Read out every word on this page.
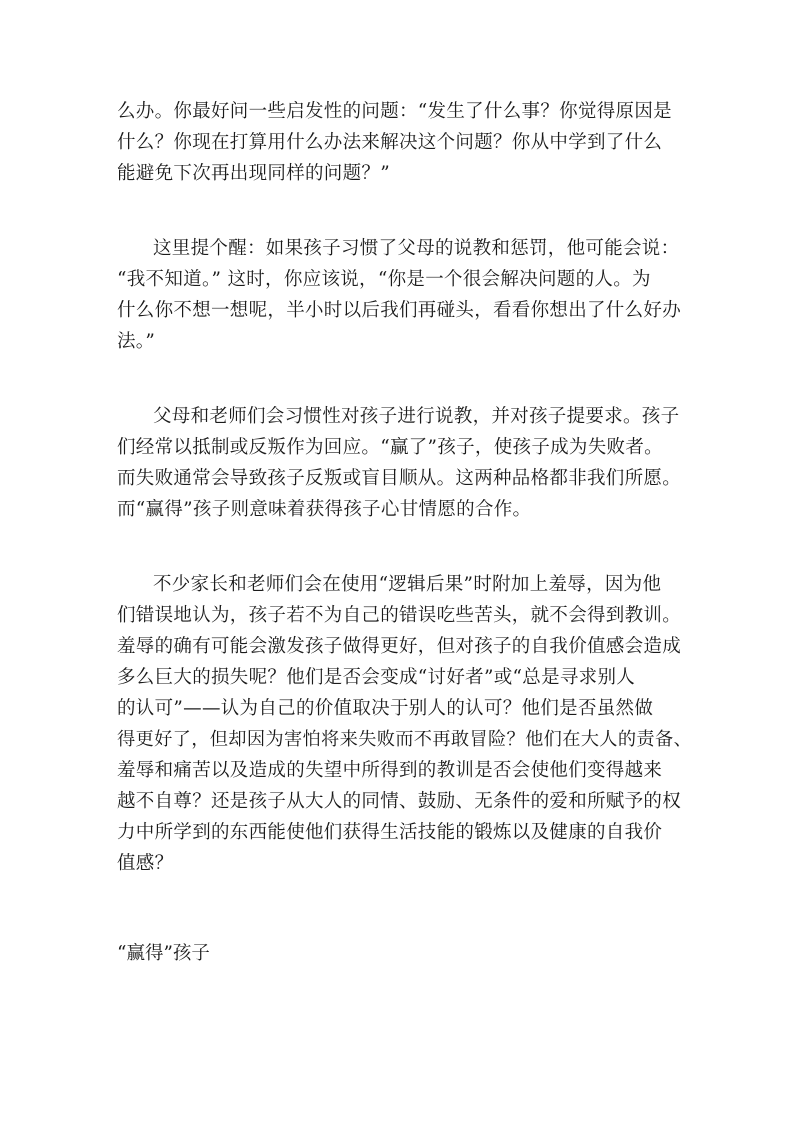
么办。你最好问一些启发性的问题：“发生了什么事？你觉得原因是
什么？你现在打算用什么办法来解决这个问题？你从中学到了什么
能避免下次再出现同样的问题？”

这里提个醒：如果孩子习惯了父母的说教和惩罚，他可能会说：
“我不知道。” 这时，你应该说，“你是一个很会解决问题的人。为
什么你不想一想呢，半小时以后我们再碰头，看看你想出了什么好办
法。”

父母和老师们会习惯性对孩子进行说教，并对孩子提要求。孩子
们经常以抵制或反叛作为回应。“赢了”孩子，使孩子成为失败者。
而失败通常会导致孩子反叛或盲目顺从。这两种品格都非我们所愿。
而“赢得”孩子则意味着获得孩子心甘情愿的合作。

不少家长和老师们会在使用“逻辑后果”时附加上羞辱，因为他
们错误地认为，孩子若不为自己的错误吃些苦头，就不会得到教训。
羞辱的确有可能会激发孩子做得更好，但对孩子的自我价值感会造成
多么巨大的损失呢？他们是否会变成“讨好者”或“总是寻求别人
的认可”——认为自己的价值取决于别人的认可？他们是否虽然做
得更好了，但却因为害怕将来失败而不再敢冒险？他们在大人的责备、
羞辱和痛苦以及造成的失望中所得到的教训是否会使他们变得越来
越不自尊？还是孩子从大人的同情、鼓励、无条件的爱和所赋予的权
力中所学到的东西能使他们获得生活技能的锻炼以及健康的自我价
值感？

“赢得”孩子
